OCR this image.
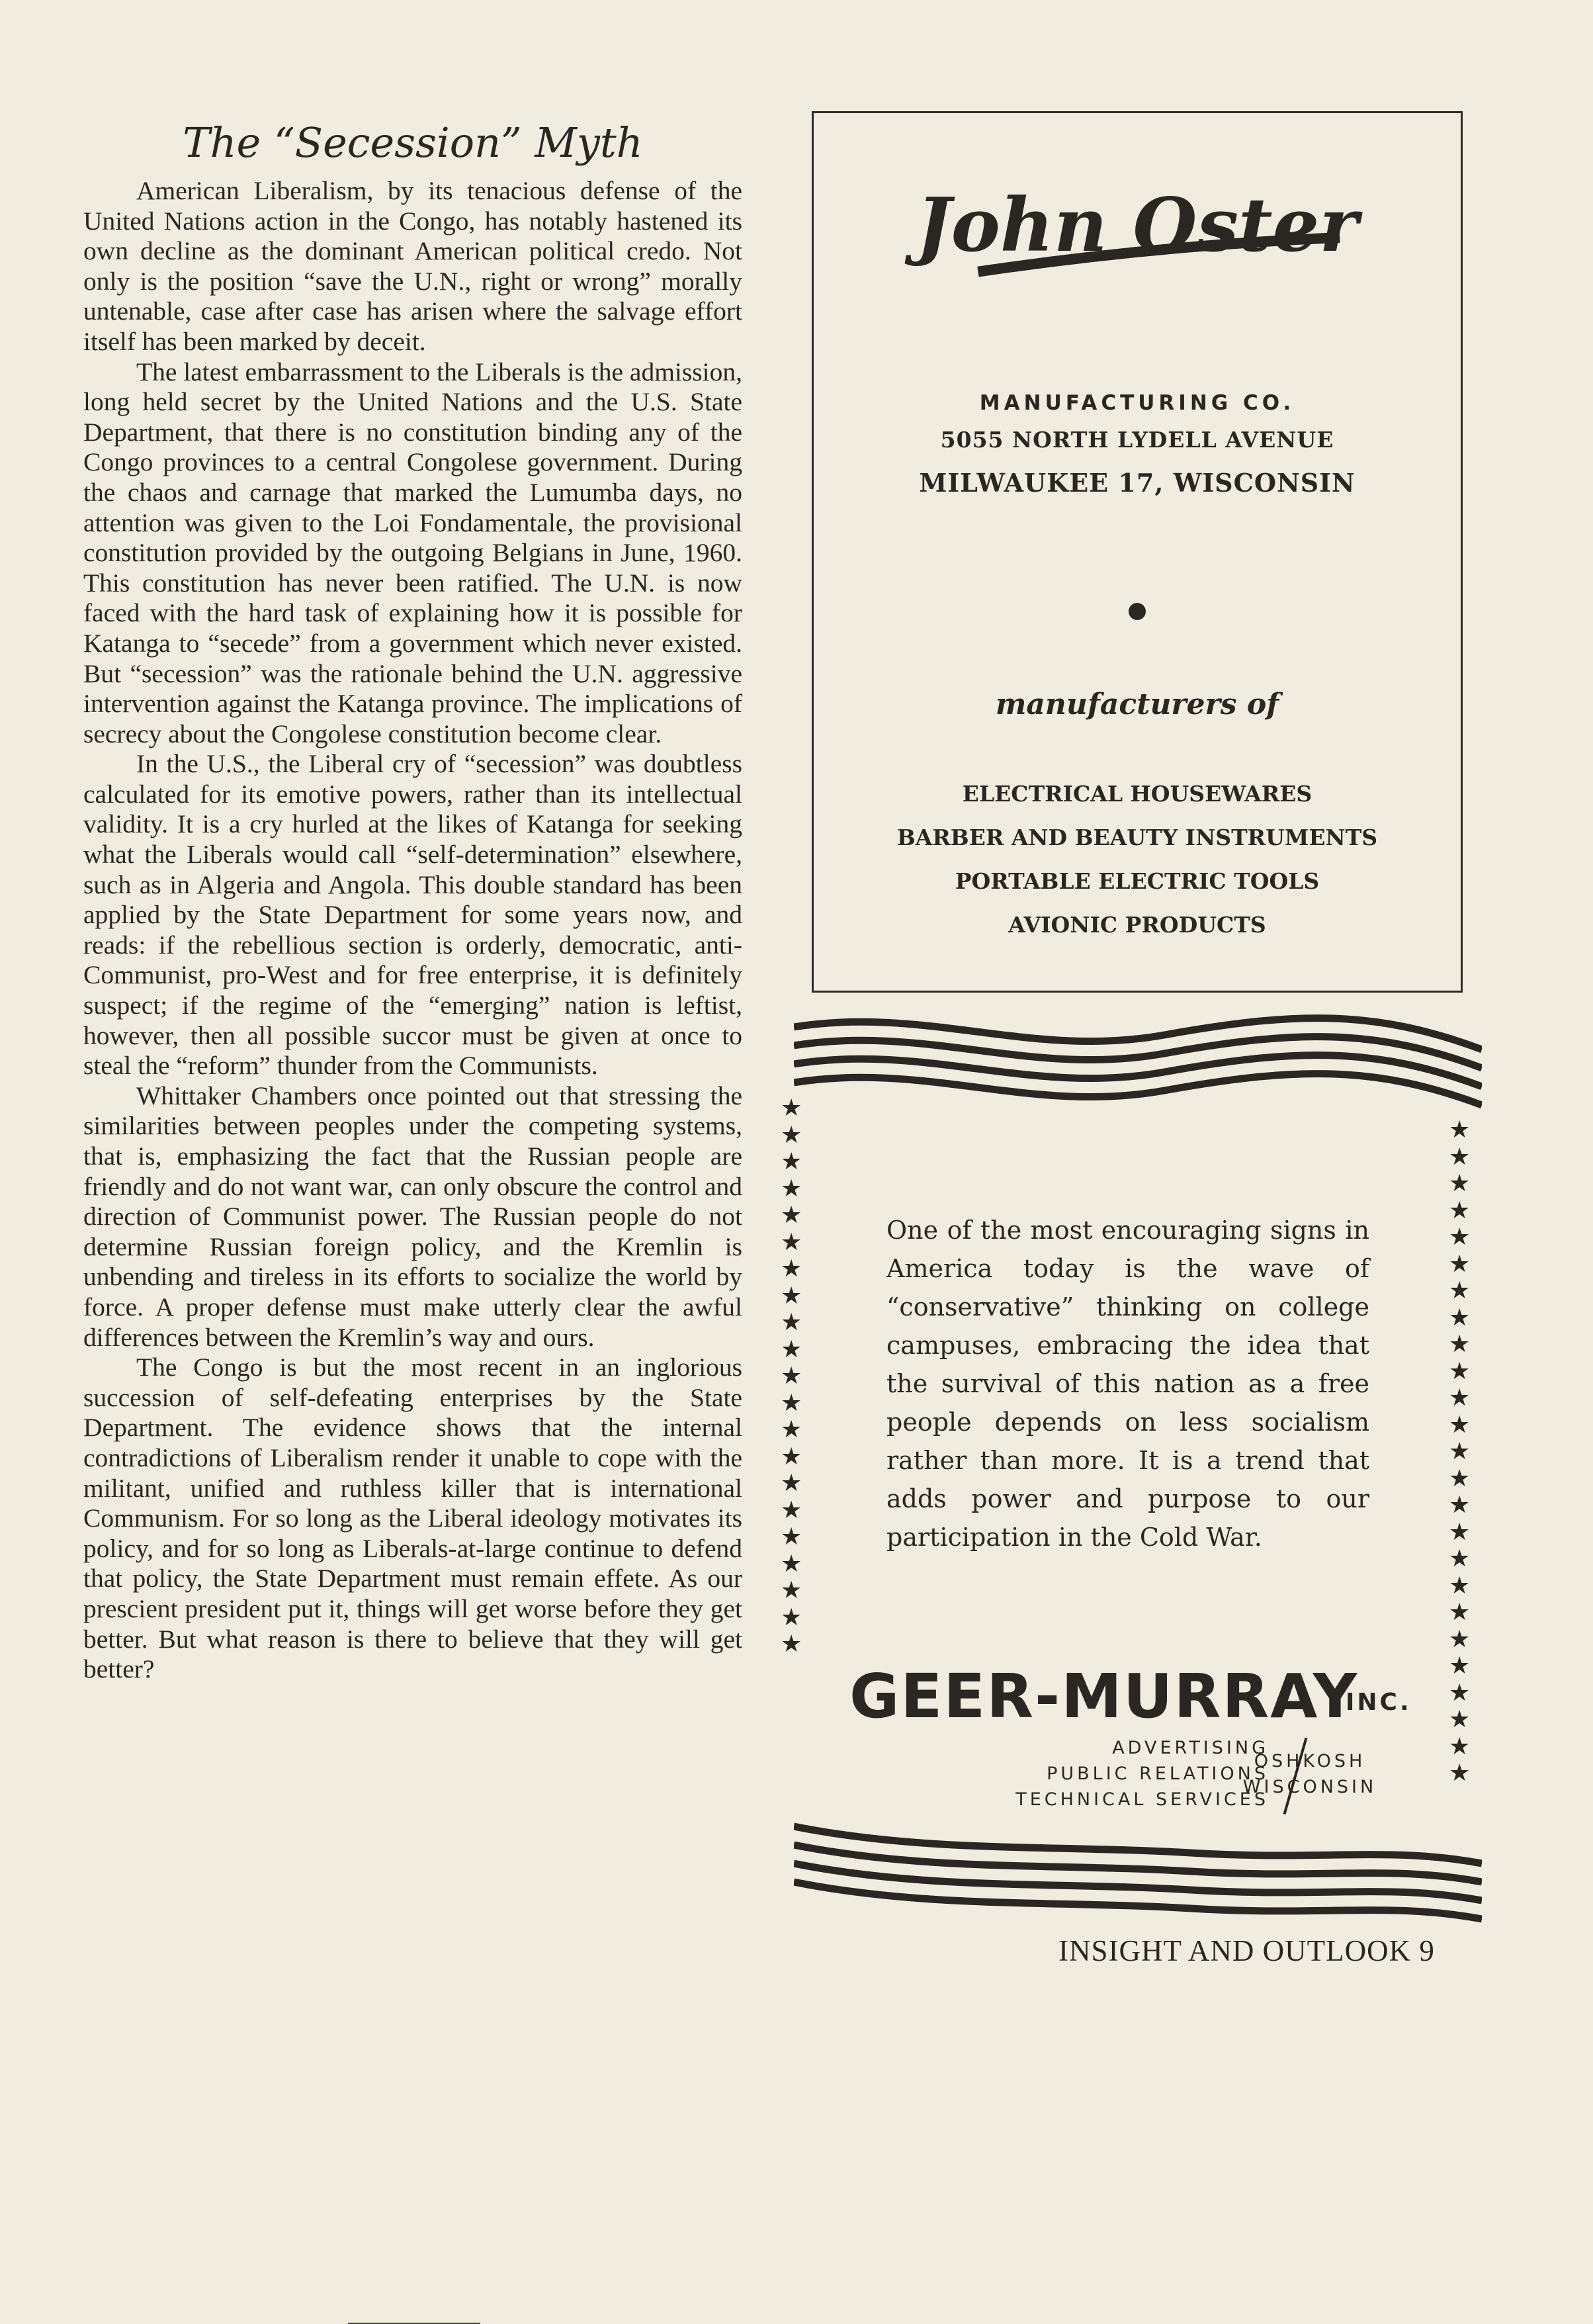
The “Secession” Myth

American Liberalism, by its tenacious defense of the United Nations action in the Congo, has notably hastened its own decline as the dominant American political credo. Not only is the position “save the U.N., right or wrong” morally untenable, case after case has arisen where the salvage effort itself has been marked by deceit.

The latest embarrassment to the Liberals is the admission, long held secret by the United Nations and the U.S. State Department, that there is no constitution binding any of the Congo provinces to a central Congolese government. During the chaos and carnage that marked the Lumumba days, no attention was given to the Loi Fondamentale, the provisional constitution provided by the outgoing Belgians in June, 1960. This constitution has never been ratified. The U.N. is now faced with the hard task of explaining how it is possible for Katanga to “secede” from a government which never existed. But “secession” was the rationale behind the U.N. aggressive intervention against the Katanga province. The implications of secrecy about the Congolese constitution become clear.

In the U.S., the Liberal cry of “secession” was doubtless calculated for its emotive powers, rather than its intellectual validity. It is a cry hurled at the likes of Katanga for seeking what the Liberals would call “self-determination” elsewhere, such as in Algeria and Angola. This double standard has been applied by the State Department for some years now, and reads: if the rebellious section is orderly, democratic, anti-Communist, pro-West and for free enterprise, it is definitely suspect; if the regime of the “emerging” nation is leftist, however, then all possible succor must be given at once to steal the “reform” thunder from the Communists.

Whittaker Chambers once pointed out that stressing the similarities between peoples under the competing systems, that is, emphasizing the fact that the Russian people are friendly and do not want war, can only obscure the control and direction of Communist power. The Russian people do not determine Russian foreign policy, and the Kremlin is unbending and tireless in its efforts to socialize the world by force. A proper defense must make utterly clear the awful differences between the Kremlin’s way and ours.

The Congo is but the most recent in an inglorious succession of self-defeating enterprises by the State Department. The evidence shows that the internal contradictions of Liberalism render it unable to cope with the militant, unified and ruthless killer that is international Communism. For so long as the Liberal ideology motivates its policy, and for so long as Liberals-at-large continue to defend that policy, the State Department must remain effete. As our prescient president put it, things will get worse before they get better. But what reason is there to believe that they will get better?

John Oster
MANUFACTURING CO.
5055 NORTH LYDELL AVENUE
MILWAUKEE 17, WISCONSIN
manufacturers of
ELECTRICAL HOUSEWARES
BARBER AND BEAUTY INSTRUMENTS
PORTABLE ELECTRIC TOOLS
AVIONIC PRODUCTS
★
★
★
★
★
★
★
★
★
★
★
★
★
★
★
★
★
★
★
★
★
★
★
★
★
★
★
★
★
★
★
★
★
★
★
★
★
★
★
★
★
★
★
★
★
★
One of the most encouraging signs in America today is the wave of “conservative” thinking on college campuses, embracing the idea that the survival of this nation as a free people depends on less socialism rather than more. It is a trend that adds power and purpose to our participation in the Cold War.
GEER-MURRAY
INC.
ADVERTISING
PUBLIC RELATIONS
TECHNICAL SERVICES
OSHKOSH
WISCONSIN
INSIGHT AND OUTLOOK 9
